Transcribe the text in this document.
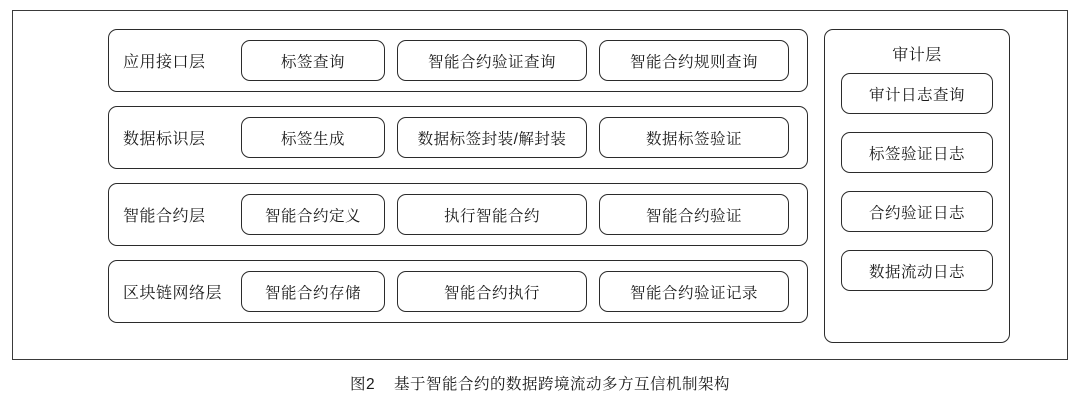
应用接口层	标签查询	智能合约验证查询	智能合约规则查询
数据标识层	标签生成	数据标签封装/解封装	数据标签验证
智能合约层	智能合约定义	执行智能合约	智能合约验证
区块链网络层	智能合约存储	智能合约执行	智能合约验证记录
审计层
审计日志查询
标签验证日志
合约验证日志
数据流动日志
图2 基于智能合约的数据跨境流动多方互信机制架构
